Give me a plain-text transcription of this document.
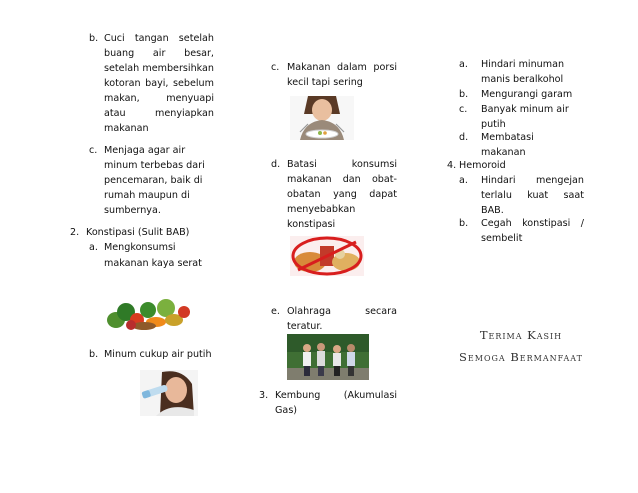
b. Cuci tangan setelah
buang air besar,
setelah membersihkan
kotoran bayi, sebelum
makan,	menyuapi
atau	menyiapkan
makanan
c. Menjaga agar air
minum terbebas dari
pencemaran, baik di
rumah maupun di
sumbernya.
2. Konstipasi (Sulit BAB)
a. Mengkonsumsi
makanan kaya serat
b. Minum cukup air putih
c. Makanan dalam porsi
kecil tapi sering
d. Batasi	konsumsi
makanan dan obat-
obatan yang dapat
menyebabkan
konstipasi
e. Olahraga	secara
teratur.
3. Kembung (Akumulasi
Gas)
a. Hindari minuman
manis beralkohol
b. Mengurangi garam
c. Banyak minum air
putih
d. Membatasi
makanan
4. Hemoroid
a. Hindari mengejan
terlalu kuat saat
BAB.
b. Cegah konstipasi /
sembelit
Terima Kasih
Semoga Bermanfaat
